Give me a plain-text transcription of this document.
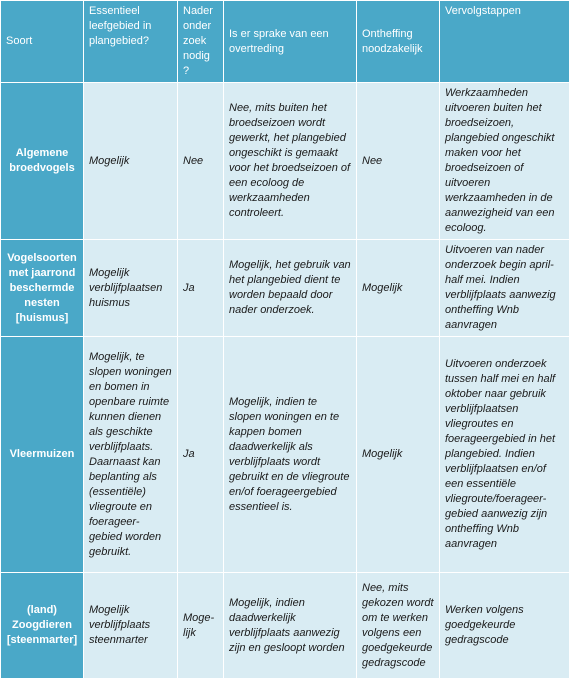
Soort	Essentieel leefgebied in plangebied?	Nader onder zoek nodig ?	Is er sprake van een overtreding	Ontheffing noodzakelijk	Vervolgstappen
Algemene broedvogels	Mogelijk	Nee	Nee, mits buiten het broedseizoen wordt gewerkt, het plangebied ongeschikt is gemaakt voor het broedseizoen of een ecoloog de werkzaamheden controleert.	Nee	Werkzaamheden uitvoeren buiten het broedseizoen, plangebied ongeschikt maken voor het broedseizoen of uitvoeren werkzaamheden in de aanwezigheid van een ecoloog.
Vogelsoorten met jaarrond beschermde nesten [huismus]	Mogelijk verblijfplaatsen huismus	Ja	Mogelijk, het gebruik van het plangebied dient te worden bepaald door nader onderzoek.	Mogelijk	Uitvoeren van nader onderzoek begin april-half mei. Indien verblijfplaats aanwezig ontheffing Wnb aanvragen
Vleermuizen	Mogelijk, te slopen woningen en bomen in openbare ruimte kunnen dienen als geschikte verblijfplaats. Daarnaast kan beplanting als (essentiële) vliegroute en foerageer-gebied worden gebruikt.	Ja	Mogelijk, indien te slopen woningen en te kappen bomen daadwerkelijk als verblijfplaats wordt gebruikt en de vliegroute en/of foerageergebied essentieel is.	Mogelijk	Uitvoeren onderzoek tussen half mei en half oktober naar gebruik verblijfplaatsen vliegroutes en foerageergebied in het plangebied. Indien verblijfplaatsen en/of een essentiële vliegroute/foerageer-gebied aanwezig zijn ontheffing Wnb aanvragen
(land) Zoogdieren [steenmarter]	Mogelijk verblijfplaats steenmarter	Moge-lijk	Mogelijk, indien daadwerkelijk verblijfplaats aanwezig zijn en gesloopt worden	Nee, mits gekozen wordt om te werken volgens een goedgekeurde gedragscode	Werken volgens goedgekeurde gedragscode
